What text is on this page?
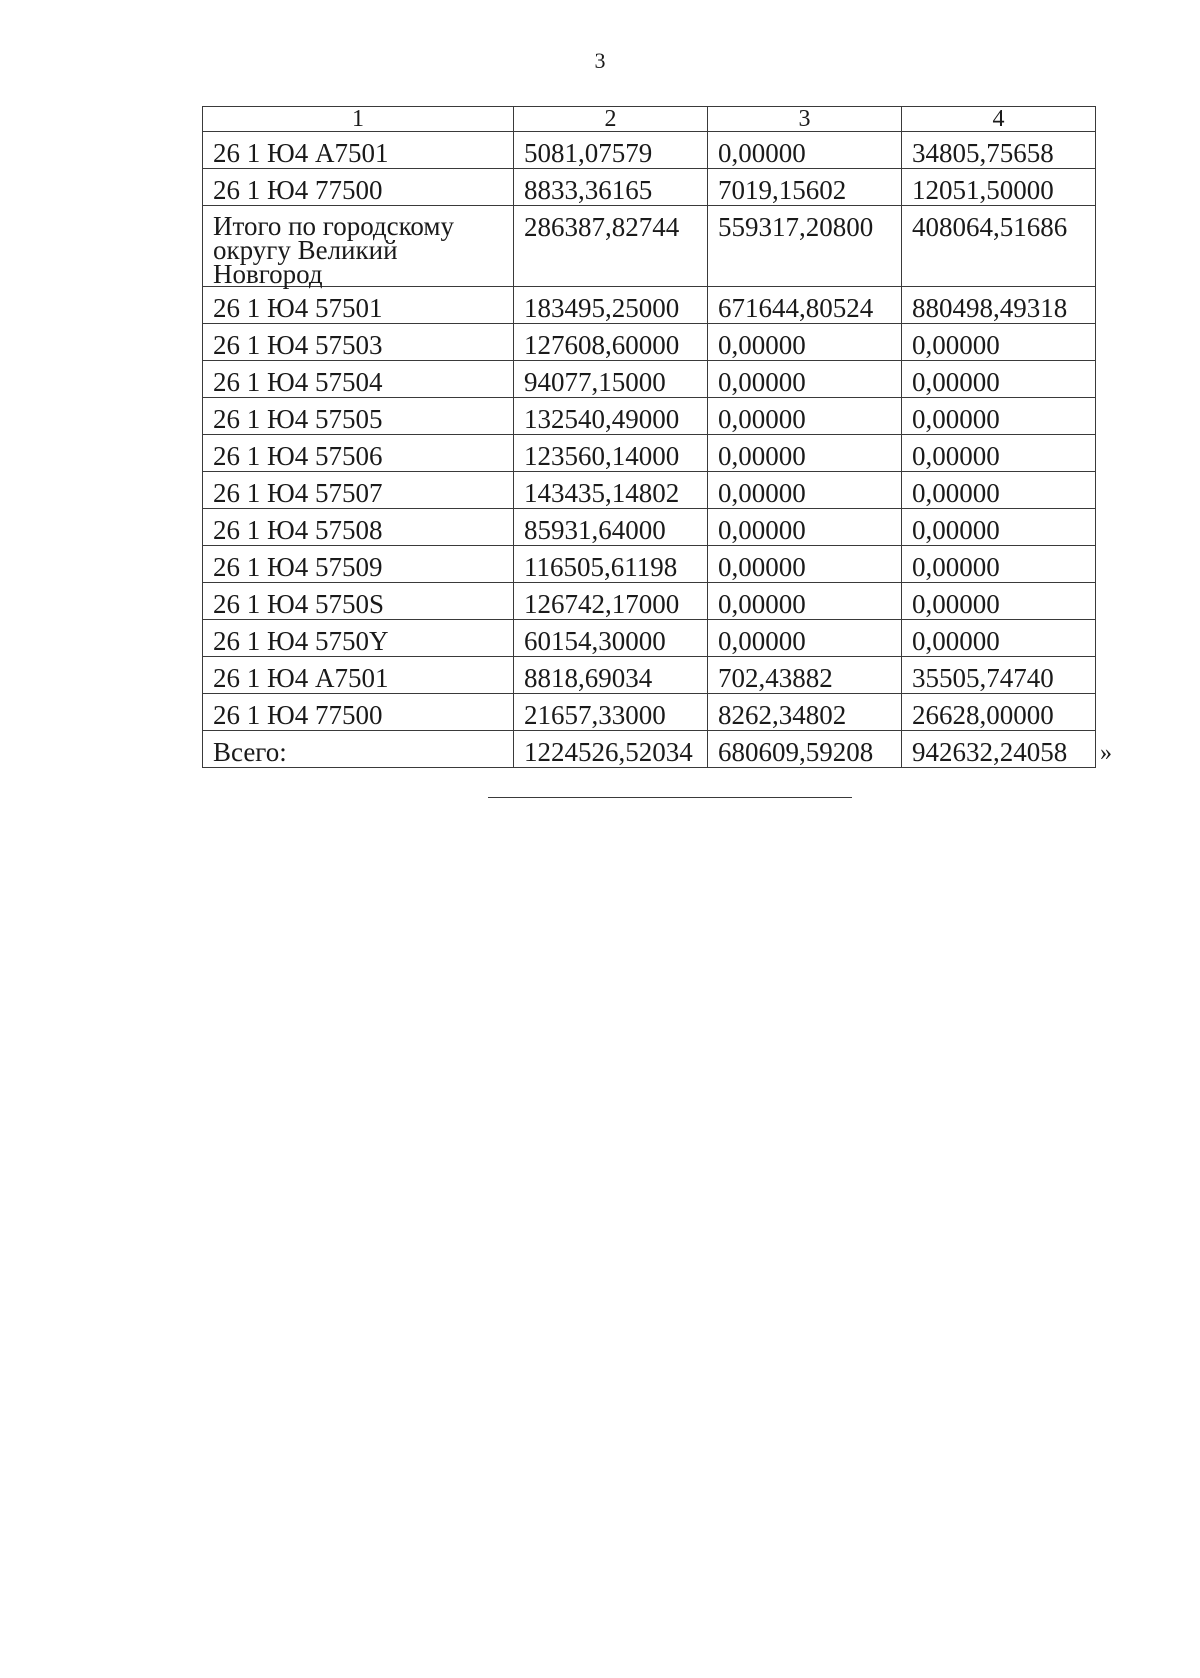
3
1	2	3	4
26 1 Ю4 A7501	5081,07579	0,00000	34805,75658
26 1 Ю4 77500	8833,36165	7019,15602	12051,50000

Итого по городскому округу Великий Новгород	286387,82744	559317,20800	408064,51686
26 1 Ю4 57501	183495,25000	671644,80524	880498,49318
26 1 Ю4 57503	127608,60000	0,00000	0,00000
26 1 Ю4 57504	94077,15000	0,00000	0,00000
26 1 Ю4 57505	132540,49000	0,00000	0,00000
26 1 Ю4 57506	123560,14000	0,00000	0,00000
26 1 Ю4 57507	143435,14802	0,00000	0,00000
26 1 Ю4 57508	85931,64000	0,00000	0,00000
26 1 Ю4 57509	116505,61198	0,00000	0,00000
26 1 Ю4 5750S	126742,17000	0,00000	0,00000
26 1 Ю4 5750Y	60154,30000	0,00000	0,00000
26 1 Ю4 A7501	8818,69034	702,43882	35505,74740
26 1 Ю4 77500	21657,33000	8262,34802	26628,00000
Всего:	1224526,52034	680609,59208	942632,24058 »
